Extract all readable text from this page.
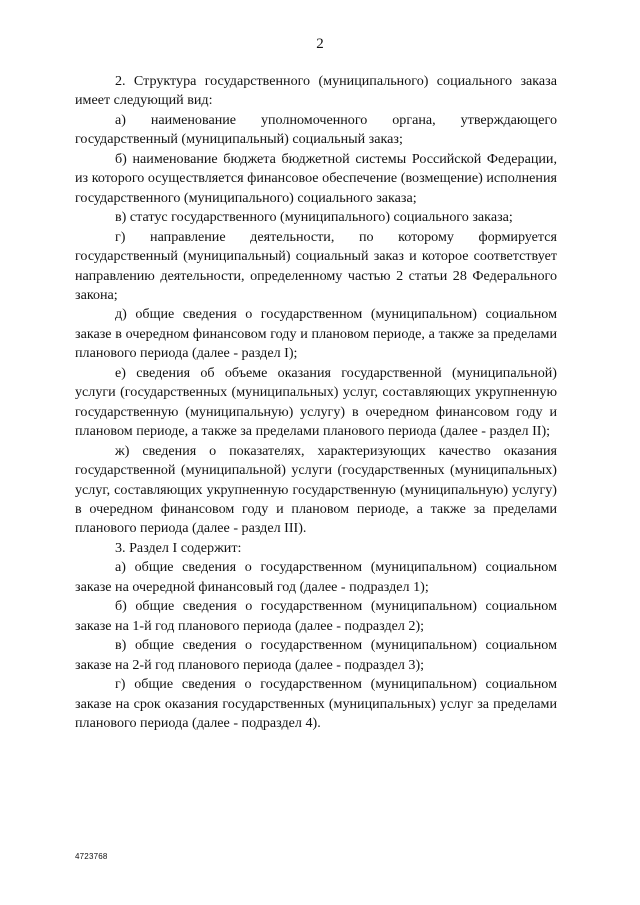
2

2. Структура государственного (муниципального) социального заказа имеет следующий вид:

а) наименование уполномоченного органа, утверждающего государственный (муниципальный) социальный заказ;

б) наименование бюджета бюджетной системы Российской Федерации, из которого осуществляется финансовое обеспечение (возмещение) исполнения государственного (муниципального) социального заказа;

в) статус государственного (муниципального) социального заказа;

г) направление деятельности, по которому формируется государственный (муниципальный) социальный заказ и которое соответствует направлению деятельности, определенному частью 2 статьи 28 Федерального закона;

д) общие сведения о государственном (муниципальном) социальном заказе в очередном финансовом году и плановом периоде, а также за пределами планового периода (далее - раздел I);

е) сведения об объеме оказания государственной (муниципальной) услуги (государственных (муниципальных) услуг, составляющих укрупненную государственную (муниципальную) услугу) в очередном финансовом году и плановом периоде, а также за пределами планового периода (далее - раздел II);

ж) сведения о показателях, характеризующих качество оказания государственной (муниципальной) услуги (государственных (муниципальных) услуг, составляющих укрупненную государственную (муниципальную) услугу) в очередном финансовом году и плановом периоде, а также за пределами планового периода (далее - раздел III).

3. Раздел I содержит:

а) общие сведения о государственном (муниципальном) социальном заказе на очередной финансовый год (далее - подраздел 1);

б) общие сведения о государственном (муниципальном) социальном заказе на 1-й год планового периода (далее - подраздел 2);

в) общие сведения о государственном (муниципальном) социальном заказе на 2-й год планового периода (далее - подраздел 3);

г) общие сведения о государственном (муниципальном) социальном заказе на срок оказания государственных (муниципальных) услуг за пределами планового периода (далее - подраздел 4).

4723768
